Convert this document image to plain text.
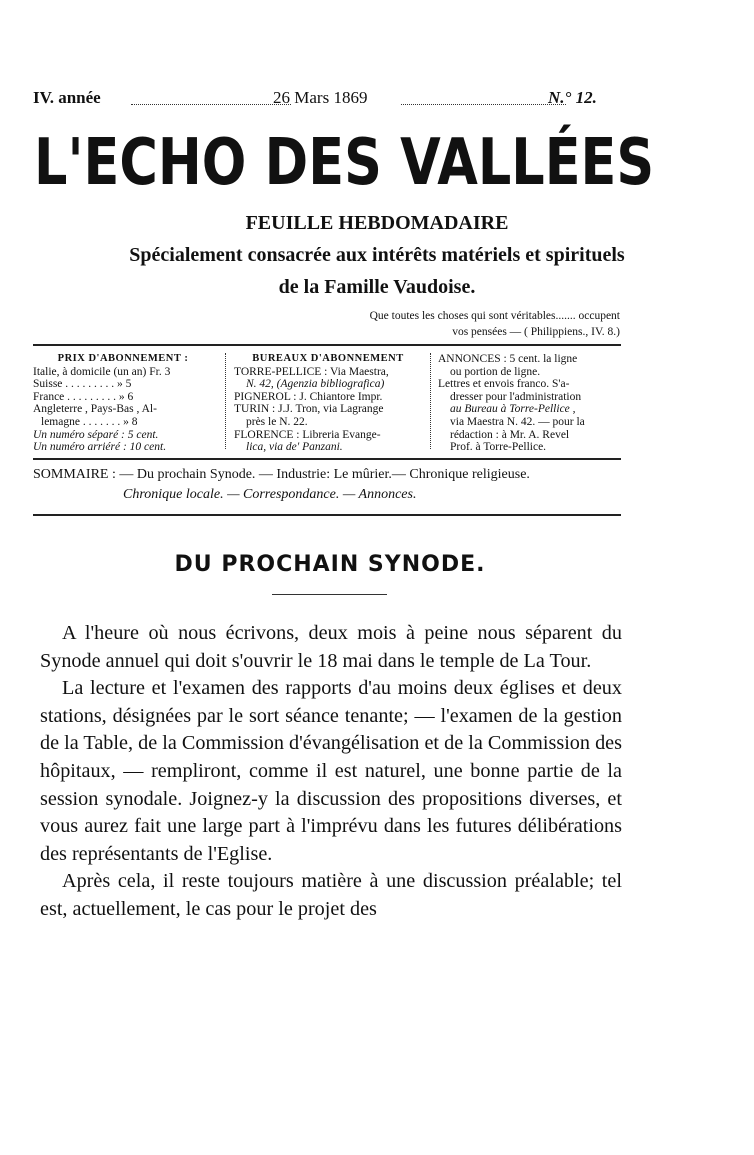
IV. année	26 Mars 1869	N.° 12.
L'ECHO DES VALLÉES
FEUILLE HEBDOMADAIRE
Spécialement consacrée aux intérêts matériels et spirituels
de la Famille Vaudoise.
Que toutes les choses qui sont véritables....... occupent
vos pensées — ( Philippiens., IV. 8.)
PRIX D'ABONNEMENT :
Italie, à domicile (un an) Fr. 3
Suisse . . . . . . . . . » 5
France . . . . . . . . . » 6
Angleterre , Pays-Bas , Al-
lemagne . . . . . . . » 8
Un numéro séparé : 5 cent.
Un numéro arriéré : 10 cent.
BUREAUX D'ABONNEMENT
TORRE-PELLICE : Via Maestra,
N. 42, (Agenzia bibliografica)
PIGNEROL : J. Chiantore Impr.
TURIN : J.J. Tron, via Lagrange
près le N. 22.
FLORENCE : Libreria Evange-
lica, via de' Panzani.
ANNONCES : 5 cent. la ligne
ou portion de ligne.
Lettres et envois franco. S'a-
dresser pour l'administration
au Bureau à Torre-Pellice ,
via Maestra N. 42. — pour la
rédaction : à Mr. A. Revel
Prof. à Torre-Pellice.
SOMMAIRE : — Du prochain Synode. — Industrie: Le mûrier.— Chronique religieuse.
Chronique locale. — Correspondance. — Annonces.
DU PROCHAIN SYNODE.

A l'heure où nous écrivons, deux mois à peine nous séparent du Synode annuel qui doit s'ouvrir le 18 mai dans le temple de La Tour.

La lecture et l'examen des rapports d'au moins deux églises et deux stations, désignées par le sort séance tenante; — l'examen de la gestion de la Table, de la Commission d'évangélisation et de la Commission des hôpitaux, — rempliront, comme il est naturel, une bonne partie de la session synodale. Joignez-y la discussion des propositions diverses, et vous aurez fait une large part à l'imprévu dans les futures délibérations des représentants de l'Eglise.

Après cela, il reste toujours matière à une discussion préalable; tel est, actuellement, le cas pour le projet des
